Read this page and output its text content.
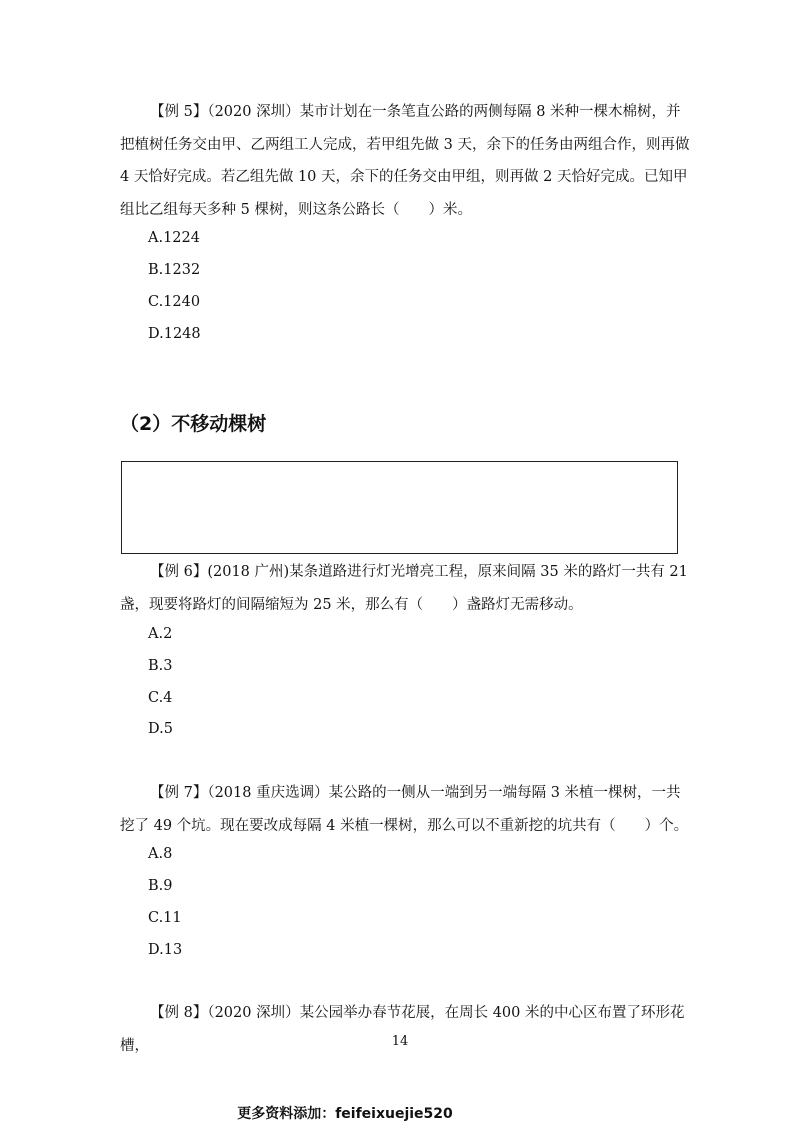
【例 5】（2020 深圳）某市计划在一条笔直公路的两侧每隔 8 米种一棵木棉树，并把植树任务交由甲、乙两组工人完成，若甲组先做 3 天，余下的任务由两组合作，则再做 4 天恰好完成。若乙组先做 10 天，余下的任务交由甲组，则再做 2 天恰好完成。已知甲组比乙组每天多种 5 棵树，则这条公路长（　　）米。
A.1224
B.1232
C.1240
D.1248
（2）不移动棵树
【例 6】(2018 广州)某条道路进行灯光增亮工程，原来间隔 35 米的路灯一共有 21 盏，现要将路灯的间隔缩短为 25 米，那么有（　　）盏路灯无需移动。
A.2
B.3
C.4
D.5
【例 7】（2018 重庆选调）某公路的一侧从一端到另一端每隔 3 米植一棵树，一共挖了 49 个坑。现在要改成每隔 4 米植一棵树，那么可以不重新挖的坑共有（　　）个。
A.8
B.9
C.11
D.13
【例 8】（2020 深圳）某公园举办春节花展，在周长 400 米的中心区布置了环形花槽，	14
更多资料添加：feifeixuejie520
